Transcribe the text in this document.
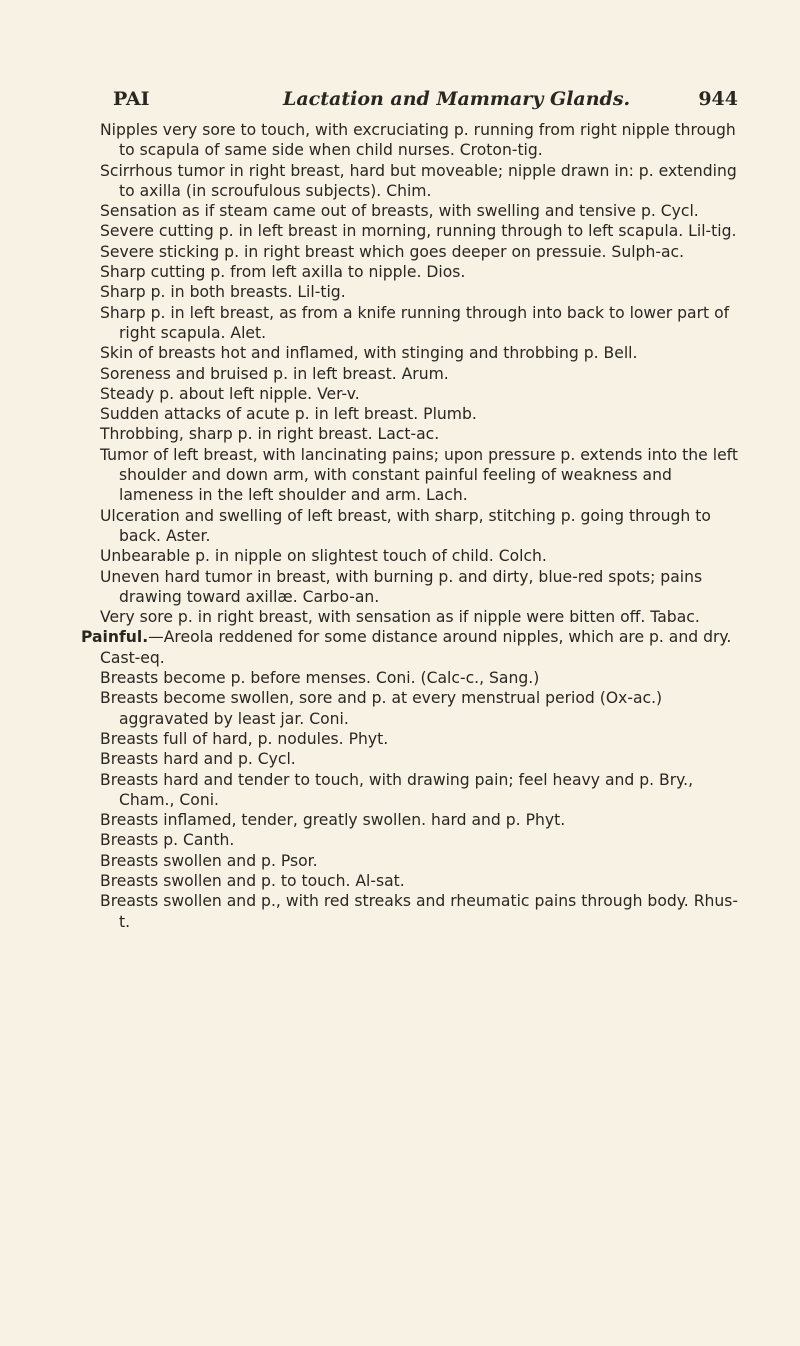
PAI	Lactation and Mammary Glands.	944

Nipples very sore to touch, with excruciating p. running from right nipple through to scapula of same side when child nurses. Croton-tig.

Scirrhous tumor in right breast, hard but moveable; nipple drawn in: p. extending to axilla (in scroufulous subjects). Chim.

Sensation as if steam came out of breasts, with swelling and tensive p. Cycl.

Severe cutting p. in left breast in morning, running through to left scapula. Lil-tig.

Severe sticking p. in right breast which goes deeper on pressuie. Sulph-ac.

Sharp cutting p. from left axilla to nipple. Dios.

Sharp p. in both breasts. Lil-tig.

Sharp p. in left breast, as from a knife running through into back to lower part of right scapula. Alet.

Skin of breasts hot and inflamed, with stinging and throbbing p. Bell.

Soreness and bruised p. in left breast. Arum.

Steady p. about left nipple. Ver-v.

Sudden attacks of acute p. in left breast. Plumb.

Throbbing, sharp p. in right breast. Lact-ac.

Tumor of left breast, with lancinating pains; upon pressure p. extends into the left shoulder and down arm, with constant painful feeling of weakness and lameness in the left shoulder and arm. Lach.

Ulceration and swelling of left breast, with sharp, stitching p. going through to back. Aster.

Unbearable p. in nipple on slightest touch of child. Colch.

Uneven hard tumor in breast, with burning p. and dirty, blue-red spots; pains drawing toward axillæ. Carbo-an.

Very sore p. in right breast, with sensation as if nipple were bitten off. Tabac.

Painful.—Areola reddened for some distance around nipples, which are p. and dry. Cast-eq.

Breasts become p. before menses. Coni. (Calc-c., Sang.)

Breasts become swollen, sore and p. at every menstrual period (Ox-ac.) aggravated by least jar. Coni.

Breasts full of hard, p. nodules. Phyt.

Breasts hard and p. Cycl.

Breasts hard and tender to touch, with drawing pain; feel heavy and p. Bry., Cham., Coni.

Breasts inflamed, tender, greatly swollen. hard and p. Phyt.

Breasts p. Canth.

Breasts swollen and p. Psor.

Breasts swollen and p. to touch. Al-sat.

Breasts swollen and p., with red streaks and rheumatic pains through body. Rhus-t.
